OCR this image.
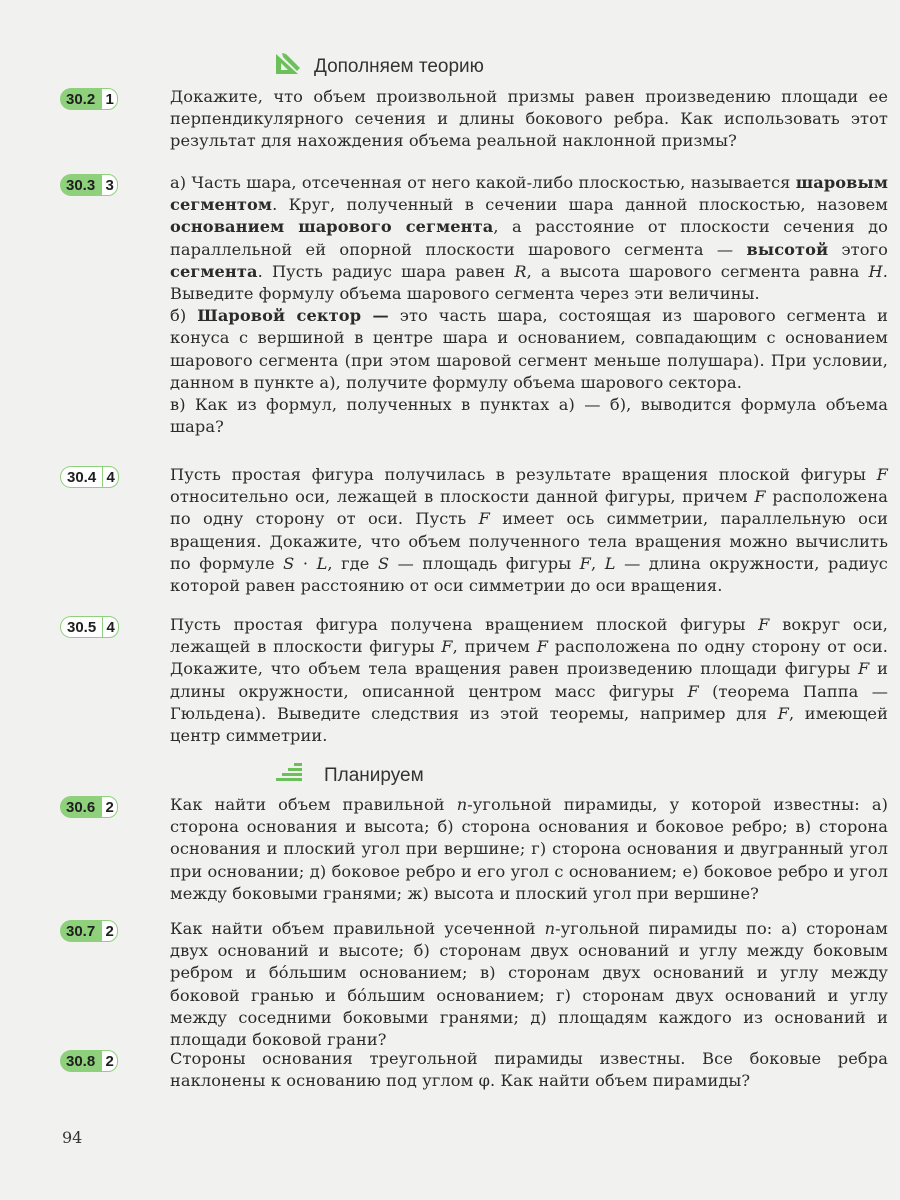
Дополняем теорию
Планируем
30.2 1	Докажите, что объем произвольной призмы равен произведению площади ее перпендикулярного сечения и длины бокового ребра. Как использовать этот результат для нахождения объема реальной наклонной призмы?

30.3 3	а) Часть шара, отсеченная от него какой-либо плоскостью, называется шаровым сегментом. Круг, полученный в сечении шара данной плоскостью, назовем основанием шарового сегмента, а расстояние от плоскости сечения до параллельной ей опорной плоскости шарового сегмента — высотой этого сегмента. Пусть радиус шара равен R, а высота шарового сегмента равна H. Выведите формулу объема шарового сегмента через эти величины.

б) Шаровой сектор — это часть шара, состоящая из шарового сегмента и конуса с вершиной в центре шара и основанием, совпадающим с основанием шарового сегмента (при этом шаровой сегмент меньше полушара). При условии, данном в пункте а), получите формулу объема шарового сектора.

в) Как из формул, полученных в пунктах а) — б), выводится формула объема шара?

30.4 4	Пусть простая фигура получилась в результате вращения плоской фигуры F относительно оси, лежащей в плоскости данной фигуры, причем F расположена по одну сторону от оси. Пусть F имеет ось симметрии, параллельную оси вращения. Докажите, что объем полученного тела вращения можно вычислить по формуле S · L, где S — площадь фигуры F, L — длина окружности, радиус которой равен расстоянию от оси симметрии до оси вращения.

30.5 4	Пусть простая фигура получена вращением плоской фигуры F вокруг оси, лежащей в плоскости фигуры F, причем F расположена по одну сторону от оси. Докажите, что объем тела вращения равен произведению площади фигуры F и длины окружности, описанной центром масс фигуры F (теорема Паппа — Гюльдена). Выведите следствия из этой теоремы, например для F, имеющей центр симметрии.

30.6 2	Как найти объем правильной n-угольной пирамиды, у которой известны: а) сторона основания и высота; б) сторона основания и боковое ребро; в) сторона основания и плоский угол при вершине; г) сторона основания и двугранный угол при основании; д) боковое ребро и его угол с основанием; е) боковое ребро и угол между боковыми гранями; ж) высота и плоский угол при вершине?

30.7 2	Как найти объем правильной усеченной n-угольной пирамиды по: а) сторонам двух оснований и высоте; б) сторонам двух оснований и углу между боковым ребром и бо́льшим основанием; в) сторонам двух оснований и углу между боковой гранью и бо́льшим основанием; г) сторонам двух оснований и углу между соседними боковыми гранями; д) площадям каждого из оснований и площади боковой грани?

30.8 2	Стороны основания треугольной пирамиды известны. Все боковые ребра наклонены к основанию под углом φ. Как найти объем пирамиды?

94
